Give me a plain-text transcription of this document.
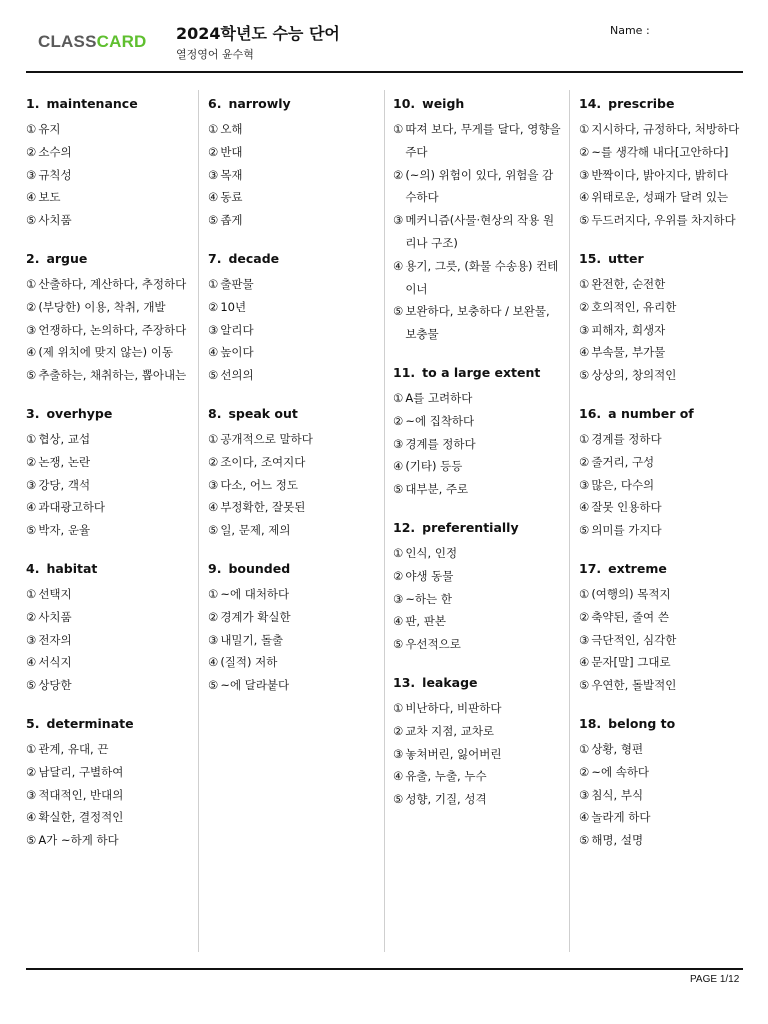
CLASSCARD 2024학년도 수능 단어
열정영어 윤수혁
Name :
1. maintenance
① 유지
② 소수의
③ 규칙성
④ 보도
⑤ 사치품
2. argue
① 산출하다, 계산하다, 추정하다
② (부당한) 이용, 착취, 개발
③ 언쟁하다, 논의하다, 주장하다
④ (제 위치에 맞지 않는) 이동
⑤ 추출하는, 채취하는, 뽑아내는
3. overhype
① 협상, 교섭
② 논쟁, 논란
③ 강당, 객석
④ 과대광고하다
⑤ 박자, 운율
4. habitat
① 선택지
② 사치품
③ 전자의
④ 서식지
⑤ 상당한
5. determinate
① 관계, 유대, 끈
② 남달리, 구별하여
③ 적대적인, 반대의
④ 확실한, 결정적인
⑤ A가 ~하게 하다
6. narrowly
① 오해
② 반대
③ 목재
④ 동료
⑤ 좁게
7. decade
① 출판물
② 10년
③ 알리다
④ 높이다
⑤ 선의의
8. speak out
① 공개적으로 말하다
② 조이다, 조여지다
③ 다소, 어느 정도
④ 부정확한, 잘못된
⑤ 일, 문제, 제의
9. bounded
① ~에 대처하다
② 경계가 확실한
③ 내밀기, 돌출
④ (질적) 저하
⑤ ~에 달라붙다
10. weigh
① 따져 보다, 무게를 달다, 영향을 주다
② (~의) 위험이 있다, 위험을 감수하다
③ 메커니즘(사물·현상의 작용 원리나 구조)
④ 용기, 그릇, (화물 수송용) 컨테이너
⑤ 보완하다, 보충하다 / 보완물, 보충물
11. to a large extent
① A를 고려하다
② ~에 집착하다
③ 경계를 정하다
④ (기타) 등등
⑤ 대부분, 주로
12. preferentially
① 인식, 인정
② 야생 동물
③ ~하는 한
④ 판, 판본
⑤ 우선적으로
13. leakage
① 비난하다, 비판하다
② 교차 지점, 교차로
③ 놓쳐버린, 잃어버린
④ 유출, 누출, 누수
⑤ 성향, 기질, 성격
14. prescribe
① 지시하다, 규정하다, 처방하다
② ~를 생각해 내다[고안하다]
③ 반짝이다, 밝아지다, 밝히다
④ 위태로운, 성패가 달려 있는
⑤ 두드러지다, 우위를 차지하다
15. utter
① 완전한, 순전한
② 호의적인, 유리한
③ 피해자, 희생자
④ 부속물, 부가물
⑤ 상상의, 창의적인
16. a number of
① 경계를 정하다
② 줄거리, 구성
③ 많은, 다수의
④ 잘못 인용하다
⑤ 의미를 가지다
17. extreme
① (여행의) 목적지
② 축약된, 줄여 쓴
③ 극단적인, 심각한
④ 문자[말] 그대로
⑤ 우연한, 돌발적인
18. belong to
① 상황, 형편
② ~에 속하다
③ 침식, 부식
④ 놀라게 하다
⑤ 해명, 설명
PAGE 1/12
